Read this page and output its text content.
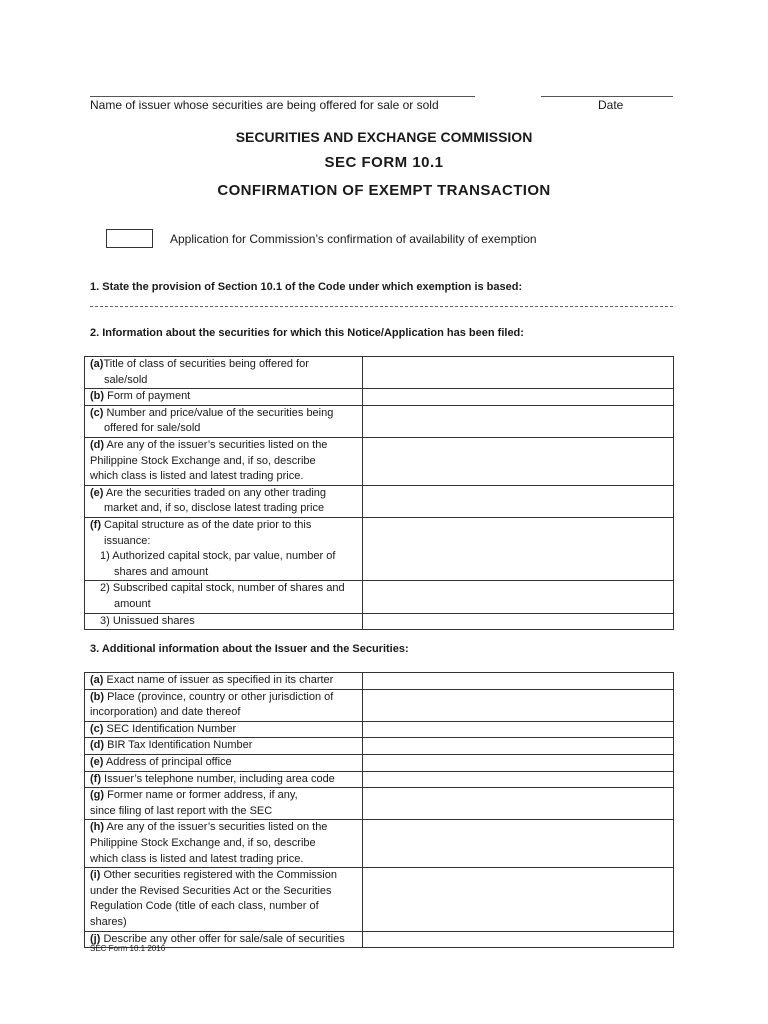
Name of issuer whose securities are being offered for sale or sold	Date
SECURITIES AND EXCHANGE COMMISSION
SEC FORM 10.1
CONFIRMATION OF EXEMPT TRANSACTION
Application for Commission’s confirmation of availability of exemption
1. State the provision of Section 10.1 of the Code under which exemption is based:
2. Information about the securities for which this Notice/Application has been filed:
(a)Title of class of securities being offered for
sale/sold	

(b) Form of payment	

(c) Number and price/value of the securities being
offered for sale/sold	

(d) Are any of the issuer’s securities listed on the
Philippine Stock Exchange and, if so, describe
which class is listed and latest trading price.	

(e) Are the securities traded on any other trading
market and, if so, disclose latest trading price	

(f) Capital structure as of the date prior to this
issuance:
1) Authorized capital stock, par value, number of
shares and amount	

2) Subscribed capital stock, number of shares and
amount	

3) Unissued shares	

3. Additional information about the Issuer and the Securities:
(a) Exact name of issuer as specified in its charter	

(b) Place (province, country or other jurisdiction of
incorporation) and date thereof	

(c) SEC Identification Number	

(d) BIR Tax Identification Number	

(e) Address of principal office	

(f) Issuer’s telephone number, including area code	

(g) Former name or former address, if any,
since filing of last report with the SEC	

(h) Are any of the issuer’s securities listed on the
Philippine Stock Exchange and, if so, describe
which class is listed and latest trading price.	

(i) Other securities registered with the Commission
under the Revised Securities Act or the Securities
Regulation Code (title of each class, number of
shares)	

(j) Describe any other offer for sale/sale of securities	

SEC Form 10.1 2016
